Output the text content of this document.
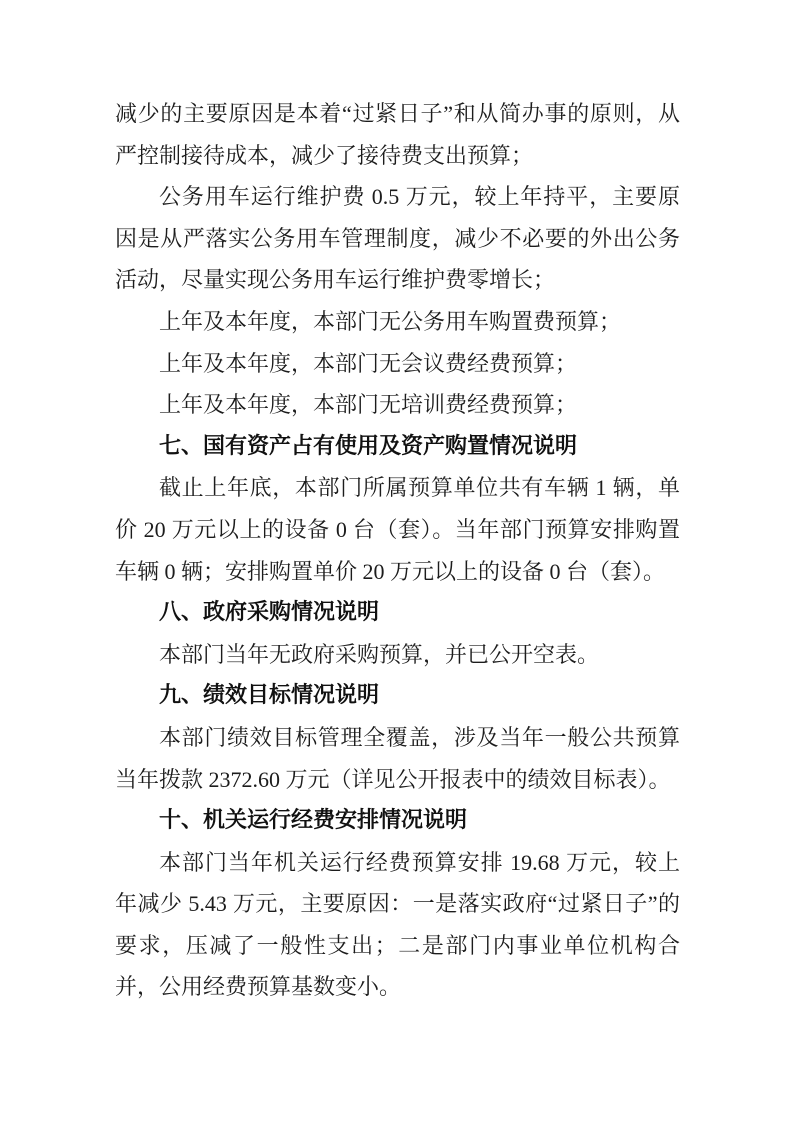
减少的主要原因是本着“过紧日子”和从简办事的原则，从严控制接待成本，减少了接待费支出预算；

公务用车运行维护费 0.5 万元，较上年持平，主要原因是从严落实公务用车管理制度，减少不必要的外出公务活动，尽量实现公务用车运行维护费零增长；

上年及本年度，本部门无公务用车购置费预算；

上年及本年度，本部门无会议费经费预算；

上年及本年度，本部门无培训费经费预算；

七、国有资产占有使用及资产购置情况说明

截止上年底，本部门所属预算单位共有车辆 1 辆，单价 20 万元以上的设备 0 台（套）。当年部门预算安排购置车辆 0 辆；安排购置单价 20 万元以上的设备 0 台（套）。

八、政府采购情况说明

本部门当年无政府采购预算，并已公开空表。

九、绩效目标情况说明

本部门绩效目标管理全覆盖，涉及当年一般公共预算当年拨款 2372.60 万元（详见公开报表中的绩效目标表）。

十、机关运行经费安排情况说明

本部门当年机关运行经费预算安排 19.68 万元，较上年减少 5.43 万元，主要原因：一是落实政府“过紧日子”的要求，压减了一般性支出；二是部门内事业单位机构合并，公用经费预算基数变小。
